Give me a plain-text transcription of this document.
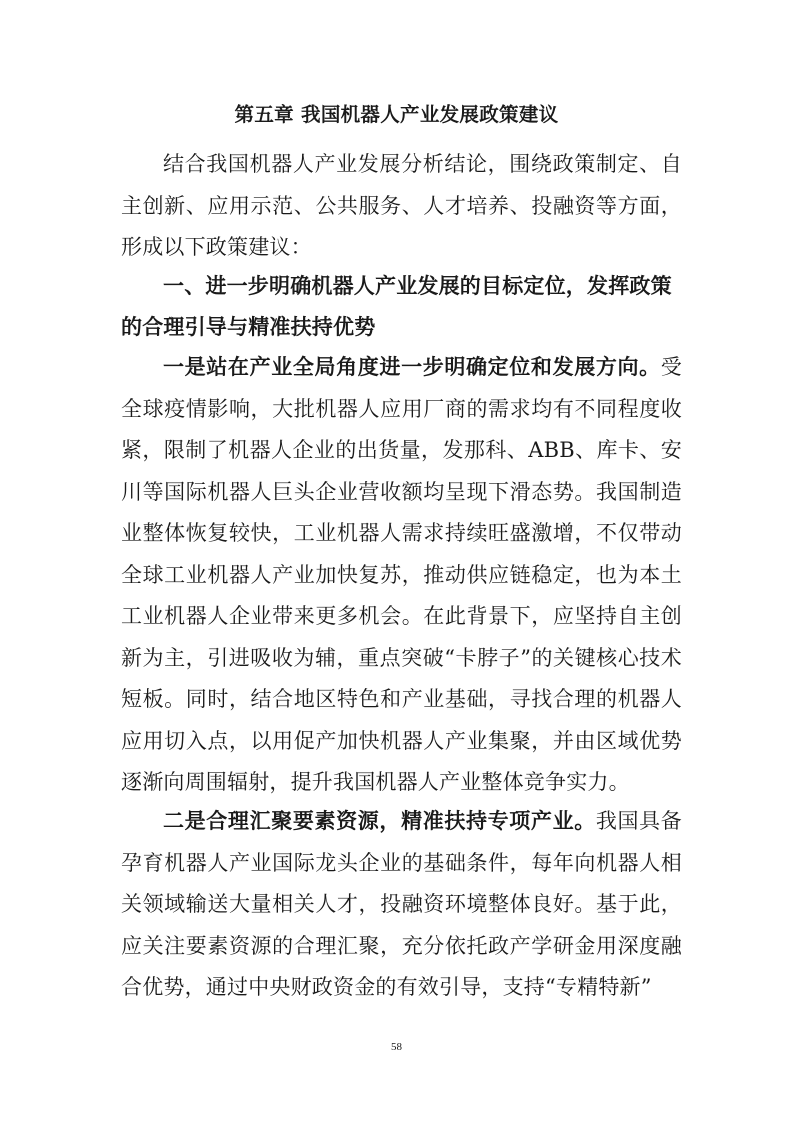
第五章 我国机器人产业发展政策建议

结合我国机器人产业发展分析结论，围绕政策制定、自主创新、应用示范、公共服务、人才培养、投融资等方面，形成以下政策建议：

一、进一步明确机器人产业发展的目标定位，发挥政策的合理引导与精准扶持优势

一是站在产业全局角度进一步明确定位和发展方向。受全球疫情影响，大批机器人应用厂商的需求均有不同程度收紧，限制了机器人企业的出货量，发那科、ABB、库卡、安川等国际机器人巨头企业营收额均呈现下滑态势。我国制造业整体恢复较快，工业机器人需求持续旺盛激增，不仅带动全球工业机器人产业加快复苏，推动供应链稳定，也为本土工业机器人企业带来更多机会。在此背景下，应坚持自主创新为主，引进吸收为辅，重点突破“卡脖子”的关键核心技术短板。同时，结合地区特色和产业基础，寻找合理的机器人应用切入点，以用促产加快机器人产业集聚，并由区域优势逐渐向周围辐射，提升我国机器人产业整体竞争实力。

二是合理汇聚要素资源，精准扶持专项产业。我国具备孕育机器人产业国际龙头企业的基础条件，每年向机器人相关领域输送大量相关人才，投融资环境整体良好。基于此，应关注要素资源的合理汇聚，充分依托政产学研金用深度融合优势，通过中央财政资金的有效引导，支持“专精特新”

58
